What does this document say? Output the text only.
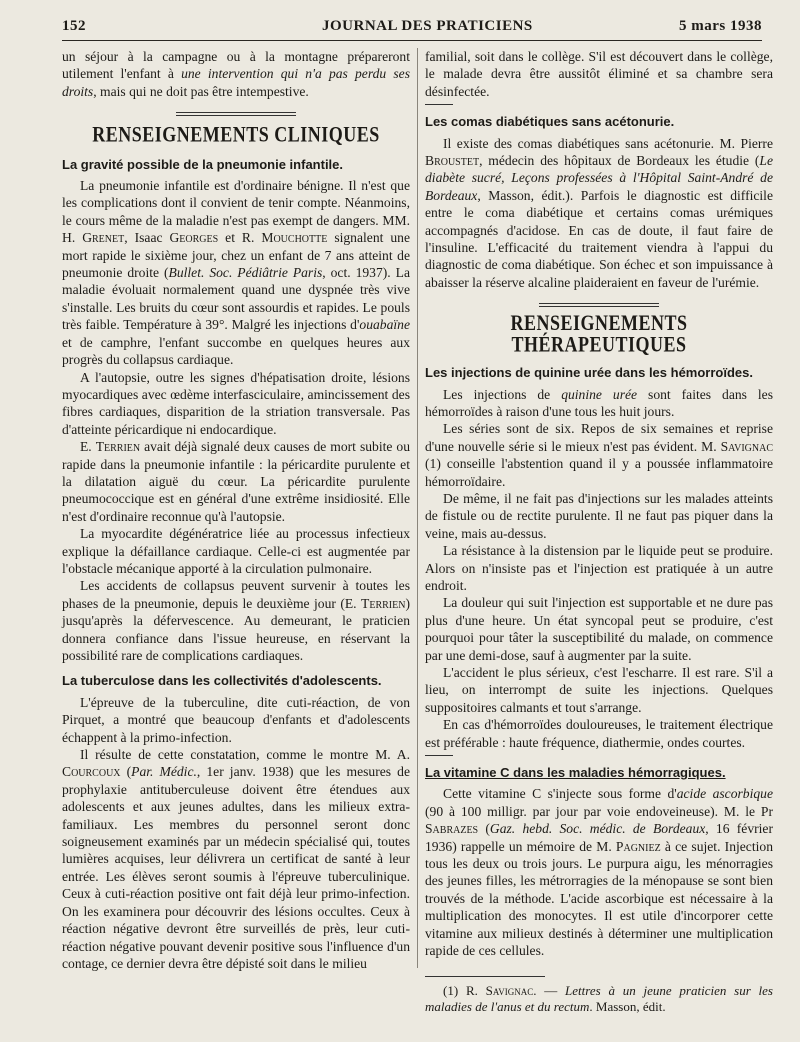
152	JOURNAL DES PRATICIENS	5 mars 1938

un séjour à la campagne ou à la montagne prépareront utilement l'enfant à une intervention qui n'a pas perdu ses droits, mais qui ne doit pas être intempestive.

RENSEIGNEMENTS CLINIQUES
La gravité possible de la pneumonie infantile.

La pneumonie infantile est d'ordinaire bénigne. Il n'est que les complications dont il convient de tenir compte. Néanmoins, le cours même de la maladie n'est pas exempt de dangers. MM. H. Grenet, Isaac Georges et R. Mouchotte signalent une mort rapide le sixième jour, chez un enfant de 7 ans atteint de pneumonie droite (Bullet. Soc. Pédiâtrie Paris, oct. 1937). La maladie évoluait normalement quand une dyspnée très vive s'installe. Les bruits du cœur sont assourdis et rapides. Le pouls très faible. Température à 39°. Malgré les injections d'ouabaïne et de camphre, l'enfant succombe en quelques heures aux progrès du collapsus cardiaque.

A l'autopsie, outre les signes d'hépatisation droite, lésions myocardiques avec œdème interfasciculaire, amincissement des fibres cardiaques, disparition de la striation transversale. Pas d'atteinte péricardique ni endocardique.

E. Terrien avait déjà signalé deux causes de mort subite ou rapide dans la pneumonie infantile : la péricardite purulente et la dilatation aiguë du cœur. La péricardite purulente pneumococcique est en général d'une extrême insidiosité. Elle n'est d'ordinaire reconnue qu'à l'autopsie.

La myocardite dégénératrice liée au processus infectieux explique la défaillance cardiaque. Celle-ci est augmentée par l'obstacle mécanique apporté à la circulation pulmonaire.

Les accidents de collapsus peuvent survenir à toutes les phases de la pneumonie, depuis le deuxième jour (E. Terrien) jusqu'après la défervescence. Au demeurant, le praticien donnera confiance dans l'issue heureuse, en réservant la possibilité rare de complications cardiaques.

La tuberculose dans les collectivités d'adolescents.

L'épreuve de la tuberculine, dite cuti-réaction, de von Pirquet, a montré que beaucoup d'enfants et d'adolescents échappent à la primo-infection.

Il résulte de cette constatation, comme le montre M. A. Courcoux (Par. Médic., 1er janv. 1938) que les mesures de prophylaxie antituberculeuse doivent être étendues aux adolescents et aux jeunes adultes, dans les milieux extra-familiaux. Les membres du personnel seront donc soigneusement examinés par un médecin spécialisé qui, toutes lumières acquises, leur délivrera un certificat de santé à leur entrée. Les élèves seront soumis à l'épreuve tuberculinique. Ceux à cuti-réaction positive ont fait déjà leur primo-infection. On les examinera pour découvrir des lésions occultes. Ceux à réaction négative devront être surveillés de près, leur cuti-réaction négative pouvant devenir positive sous l'influence d'un contage, ce dernier devra être dépisté soit dans le milieu

familial, soit dans le collège. S'il est découvert dans le collège, le malade devra être aussitôt éliminé et sa chambre sera désinfectée.

Les comas diabétiques sans acétonurie.

Il existe des comas diabétiques sans acétonurie. M. Pierre Broustet, médecin des hôpitaux de Bordeaux les étudie (Le diabète sucré, Leçons professées à l'Hôpital Saint-André de Bordeaux, Masson, édit.). Parfois le diagnostic est difficile entre le coma diabétique et certains comas urémiques accompagnés d'acidose. En cas de doute, il faut faire de l'insuline. L'efficacité du traitement viendra à l'appui du diagnostic de coma diabétique. Son échec et son impuissance à abaisser la réserve alcaline plaideraient en faveur de l'urémie.

RENSEIGNEMENTS THÉRAPEUTIQUES
Les injections de quinine urée dans les hémorroïdes.

Les injections de quinine urée sont faites dans les hémorroïdes à raison d'une tous les huit jours.

Les séries sont de six. Repos de six semaines et reprise d'une nouvelle série si le mieux n'est pas évident. M. Savignac (1) conseille l'abstention quand il y a poussée inflammatoire hémorroïdaire.

De même, il ne fait pas d'injections sur les malades atteints de fistule ou de rectite purulente. Il ne faut pas piquer dans la veine, mais au-dessus.

La résistance à la distension par le liquide peut se produire. Alors on n'insiste pas et l'injection est pratiquée à un autre endroit.

La douleur qui suit l'injection est supportable et ne dure pas plus d'une heure. Un état syncopal peut se produire, c'est pourquoi pour tâter la susceptibilité du malade, on commence par une demi-dose, sauf à augmenter par la suite.

L'accident le plus sérieux, c'est l'escharre. Il est rare. S'il a lieu, on interrompt de suite les injections. Quelques suppositoires calmants et tout s'arrange.

En cas d'hémorroïdes douloureuses, le traitement électrique est préférable : haute fréquence, diathermie, ondes courtes.

La vitamine C dans les maladies hémorragiques.

Cette vitamine C s'injecte sous forme d'acide ascorbique (90 à 100 milligr. par jour par voie endoveineuse). M. le Pr Sabrazes (Gaz. hebd. Soc. médic. de Bordeaux, 16 février 1936) rappelle un mémoire de M. Pagniez à ce sujet. Injection tous les deux ou trois jours. Le purpura aigu, les ménorragies des jeunes filles, les métrorragies de la ménopause se sont bien trouvés de la méthode. L'acide ascorbique est nécessaire à la multiplication des monocytes. Il est utile d'incorporer cette vitamine aux milieux destinés à déterminer une multiplication rapide de ces cellules.

(1) R. Savignac. — Lettres à un jeune praticien sur les maladies de l'anus et du rectum. Masson, édit.
